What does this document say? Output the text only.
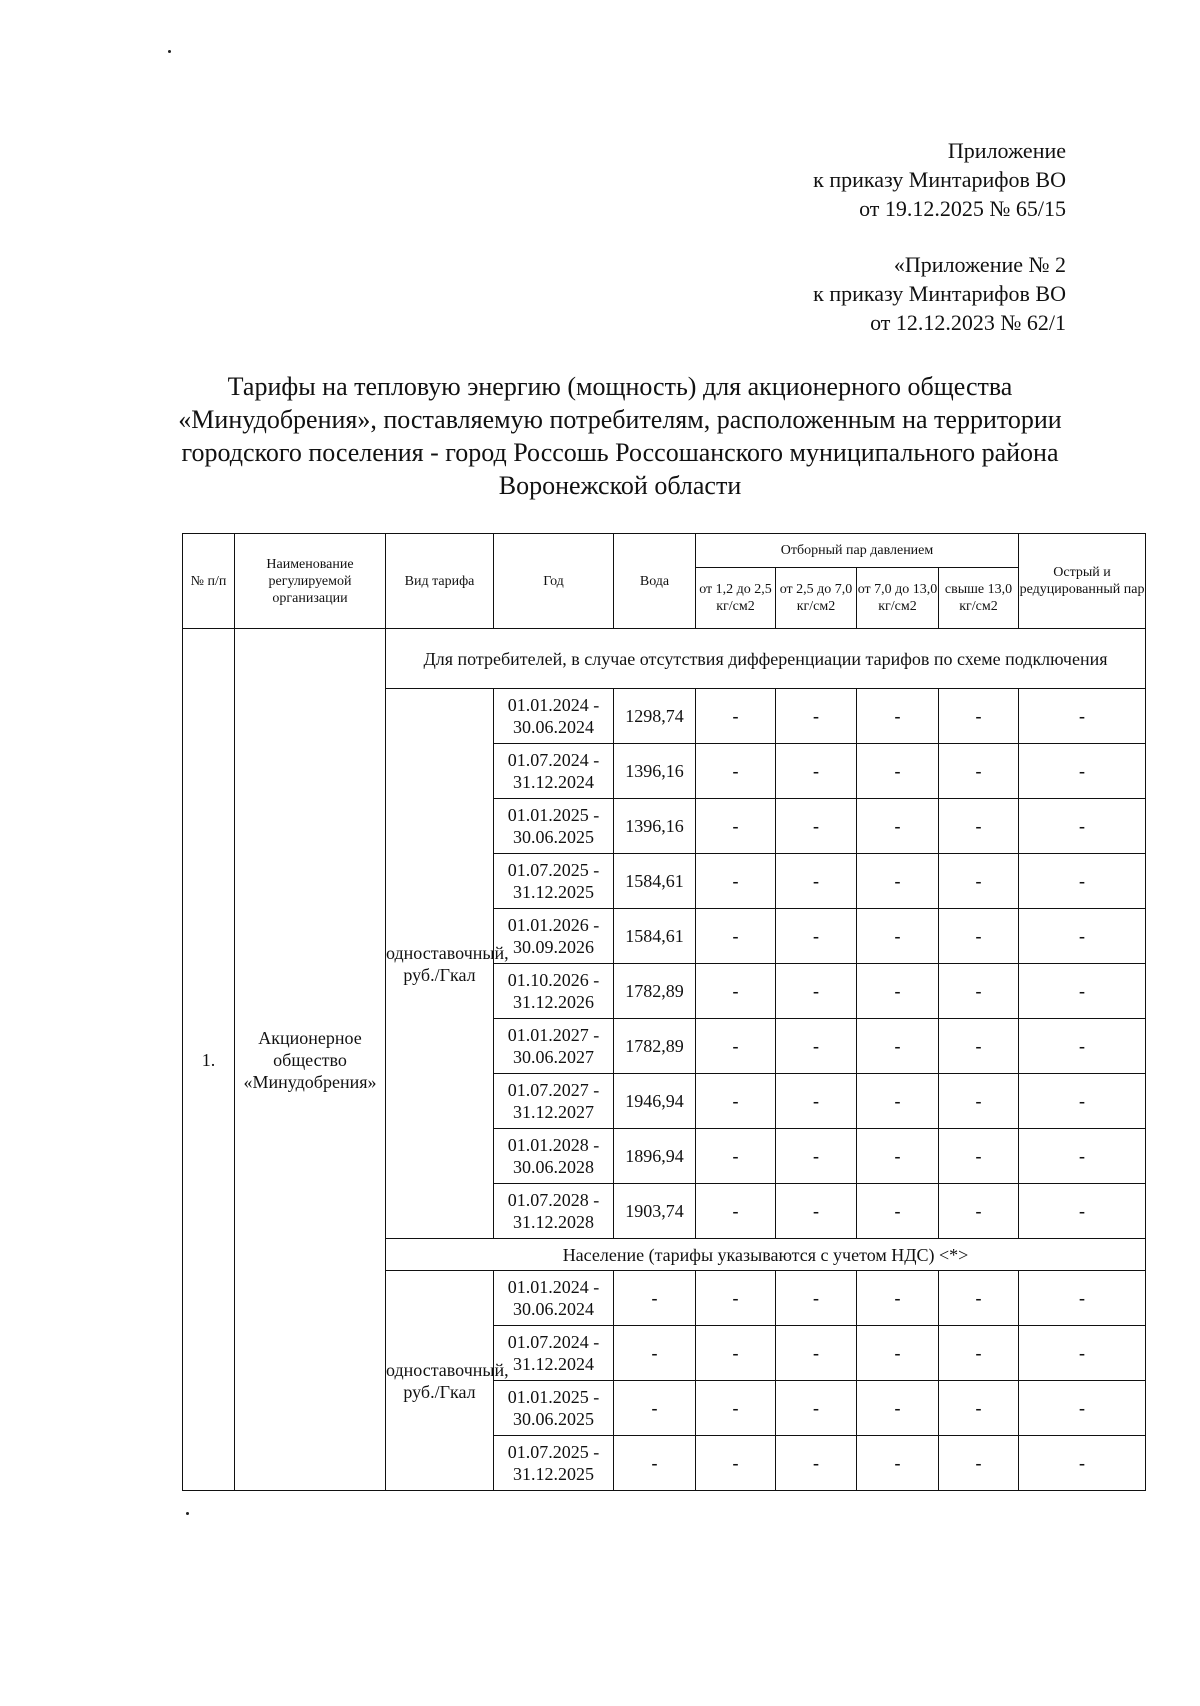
Приложение
к приказу Минтарифов ВО
от 19.12.2025 № 65/15
«Приложение № 2
к приказу Минтарифов ВО
от 12.12.2023 № 62/1
Тарифы на тепловую энергию (мощность) для акционерного общества
«Минудобрения», поставляемую потребителям, расположенным на территории
городского поселения - город Россошь Россошанского муниципального района
Воронежской области
№ п/п	Наименование регулируемой организации	Вид тарифа	Год	Вода	Отборный пар давлением				Острый и редуцированный пар
					от 1,2 до 2,5 кг/см2	от 2,5 до 7,0 кг/см2	от 7,0 до 13,0 кг/см2	свыше 13,0 кг/см2	
1.	Акционерное общество «Минудобрения»	Для потребителей, в случае отсутствия дифференциации тарифов по схеме подключения							
		одноставочный, руб./Гкал	01.01.2024 - 30.06.2024	1298,74	-	-	-	-	-
			01.07.2024 - 31.12.2024	1396,16	-	-	-	-	-
			01.01.2025 - 30.06.2025	1396,16	-	-	-	-	-
			01.07.2025 - 31.12.2025	1584,61	-	-	-	-	-
			01.01.2026 - 30.09.2026	1584,61	-	-	-	-	-
			01.10.2026 - 31.12.2026	1782,89	-	-	-	-	-
			01.01.2027 - 30.06.2027	1782,89	-	-	-	-	-
			01.07.2027 - 31.12.2027	1946,94	-	-	-	-	-
			01.01.2028 - 30.06.2028	1896,94	-	-	-	-	-
			01.07.2028 - 31.12.2028	1903,74	-	-	-	-	-
		Население (тарифы указываются с учетом НДС) <*>							
		одноставочный, руб./Гкал	01.01.2024 - 30.06.2024	-	-	-	-	-	-
			01.07.2024 - 31.12.2024	-	-	-	-	-	-
			01.01.2025 - 30.06.2025	-	-	-	-	-	-
			01.07.2025 - 31.12.2025	-	-	-	-	-	-
